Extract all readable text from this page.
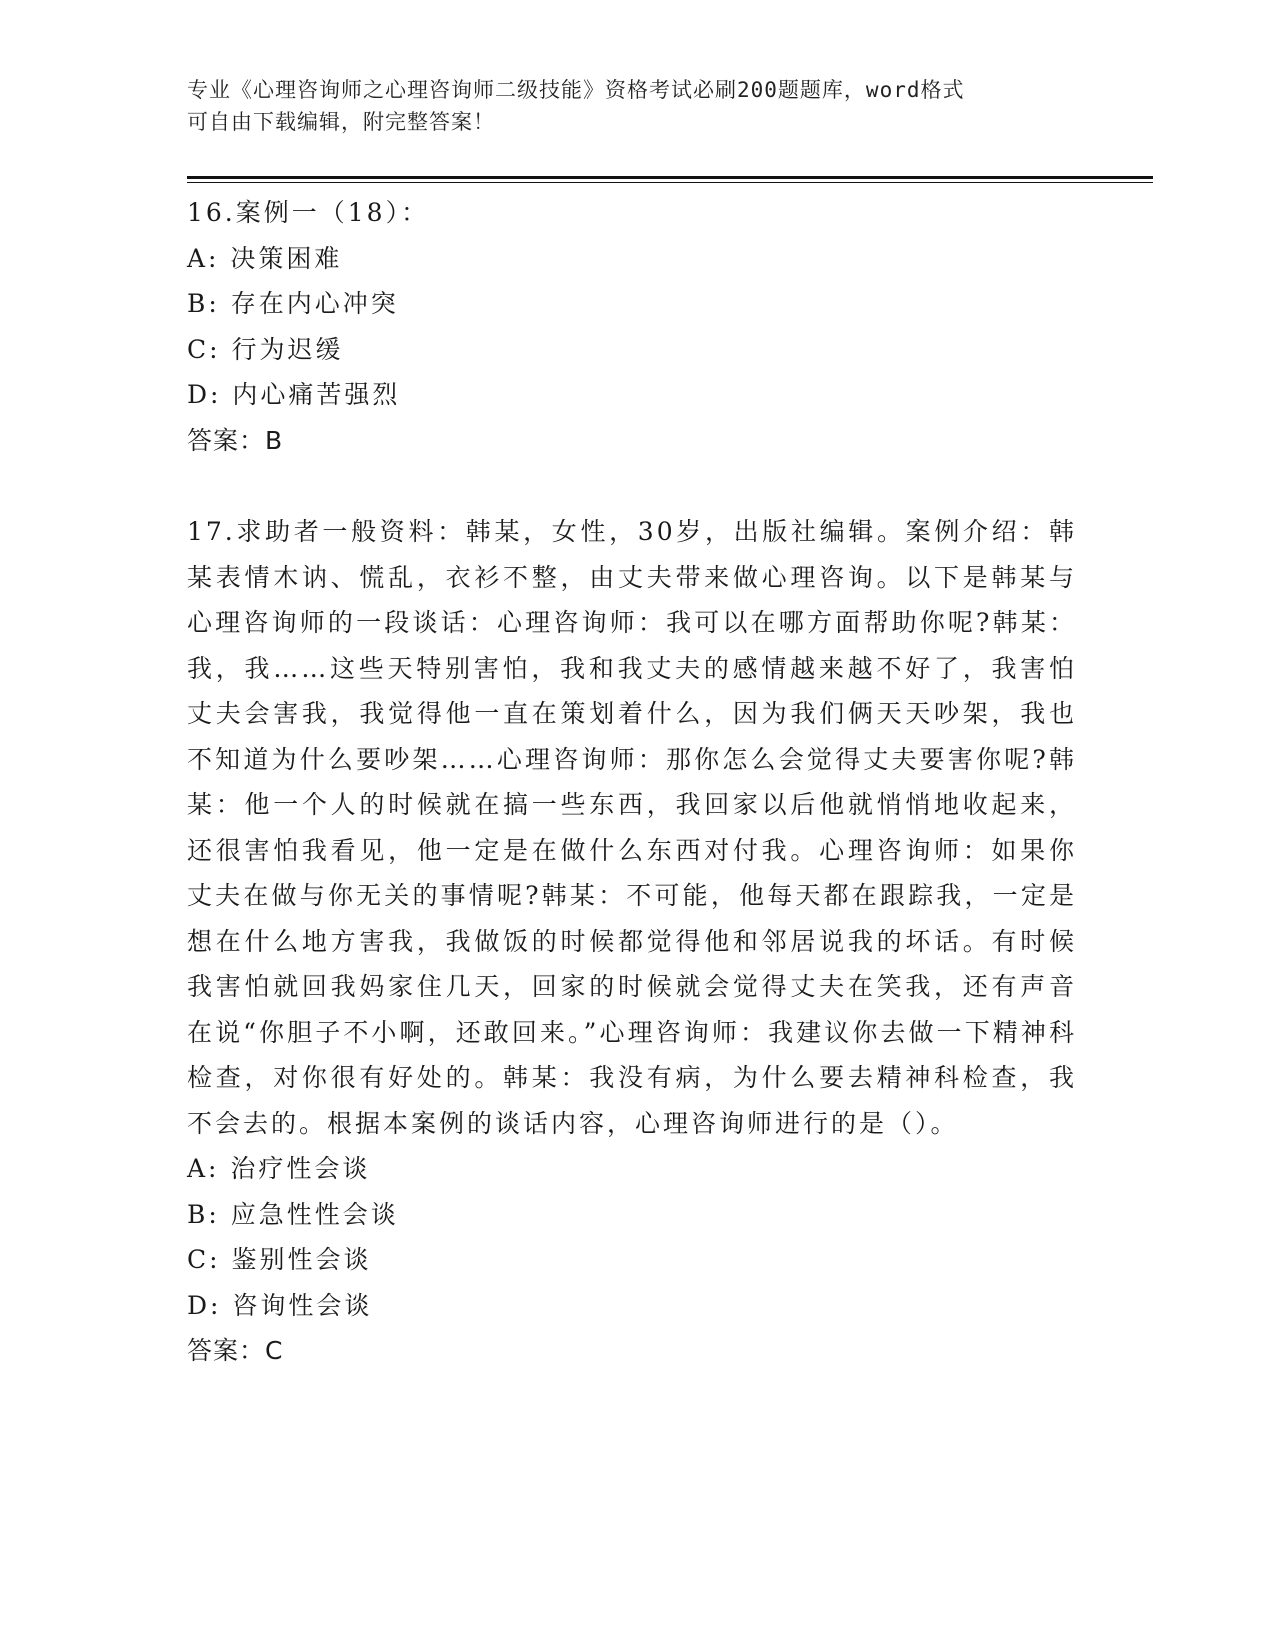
专业《心理咨询师之心理咨询师二级技能》资格考试必刷200题题库，word格式

可自由下载编辑，附完整答案！

16.案例一（18）：

A: 决策困难

B: 存在内心冲突

C: 行为迟缓

D: 内心痛苦强烈

答案：B

17.求助者一般资料：韩某，女性，30岁，出版社编辑。案例介绍：韩某表情木讷、慌乱，衣衫不整，由丈夫带来做心理咨询。以下是韩某与心理咨询师的一段谈话：心理咨询师：我可以在哪方面帮助你呢?韩某：我，我……这些天特别害怕，我和我丈夫的感情越来越不好了，我害怕丈夫会害我，我觉得他一直在策划着什么，因为我们俩天天吵架，我也不知道为什么要吵架……心理咨询师：那你怎么会觉得丈夫要害你呢?韩某：他一个人的时候就在搞一些东西，我回家以后他就悄悄地收起来，还很害怕我看见，他一定是在做什么东西对付我。心理咨询师：如果你丈夫在做与你无关的事情呢?韩某：不可能，他每天都在跟踪我，一定是想在什么地方害我，我做饭的时候都觉得他和邻居说我的坏话。有时候我害怕就回我妈家住几天，回家的时候就会觉得丈夫在笑我，还有声音在说“你胆子不小啊，还敢回来。”心理咨询师：我建议你去做一下精神科检查，对你很有好处的。韩某：我没有病，为什么要去精神科检查，我不会去的。根据本案例的谈话内容，心理咨询师进行的是（）。

A: 治疗性会谈

B: 应急性性会谈

C: 鉴别性会谈

D: 咨询性会谈

答案：C
